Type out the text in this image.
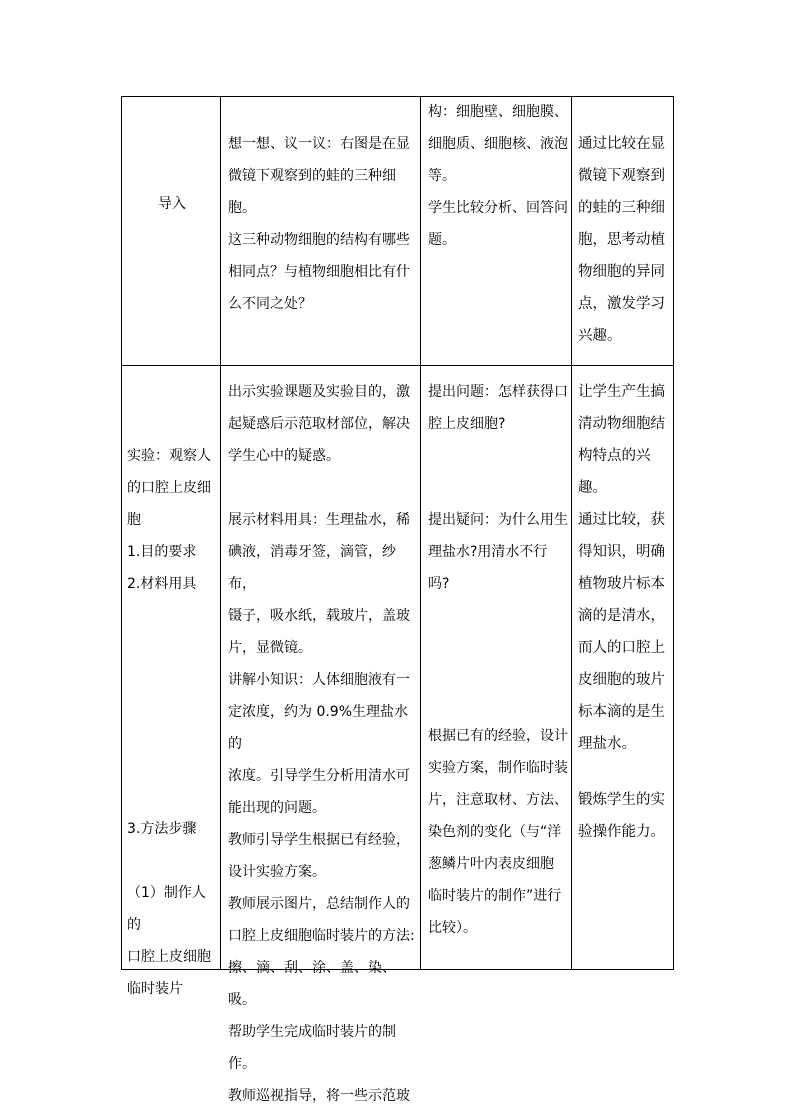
导入
想一想、议一议：右图是在显
微镜下观察到的蛙的三种细胞。
这三种动物细胞的结构有哪些
相同点？与植物细胞相比有什
么不同之处？
构：细胞壁、细胞膜、
细胞质、细胞核、液泡
等。
学生比较分析、回答问
题。
通过比较在显
微镜下观察到
的蛙的三种细
胞，思考动植
物细胞的异同
点，激发学习
兴趣。
实验：观察人
的口腔上皮细
胞
1.目的要求
2.材料用具
3.方法步骤
（1）制作人的
口腔上皮细胞
临时装片
出示实验课题及实验目的，激
起疑惑后示范取材部位，解决
学生心中的疑惑。

展示材料用具：生理盐水，稀
碘液，消毒牙签，滴管，纱布，
镊子，吸水纸，载玻片，盖玻
片，显微镜。
讲解小知识：人体细胞液有一
定浓度，约为 0.9%生理盐水的
浓度。引导学生分析用清水可
能出现的问题。
教师引导学生根据已有经验，
设计实验方案。
教师展示图片，总结制作人的
口腔上皮细胞临时装片的方法:
擦、滴、刮、涂、盖、染、吸。
帮助学生完成临时装片的制作。
教师巡视指导，将一些示范玻
提出问题：怎样获得口
腔上皮细胞?
提出疑问：为什么用生
理盐水?用清水不行吗?
根据已有的经验，设计
实验方案，制作临时装
片，注意取材、方法、
染色剂的变化（与“洋
葱鳞片叶内表皮细胞
临时装片的制作”进行
比较）。
让学生产生搞
清动物细胞结
构特点的兴趣。
通过比较，获
得知识，明确
植物玻片标本
滴的是清水，
而人的口腔上
皮细胞的玻片
标本滴的是生
理盐水。
锻炼学生的实
验操作能力。
